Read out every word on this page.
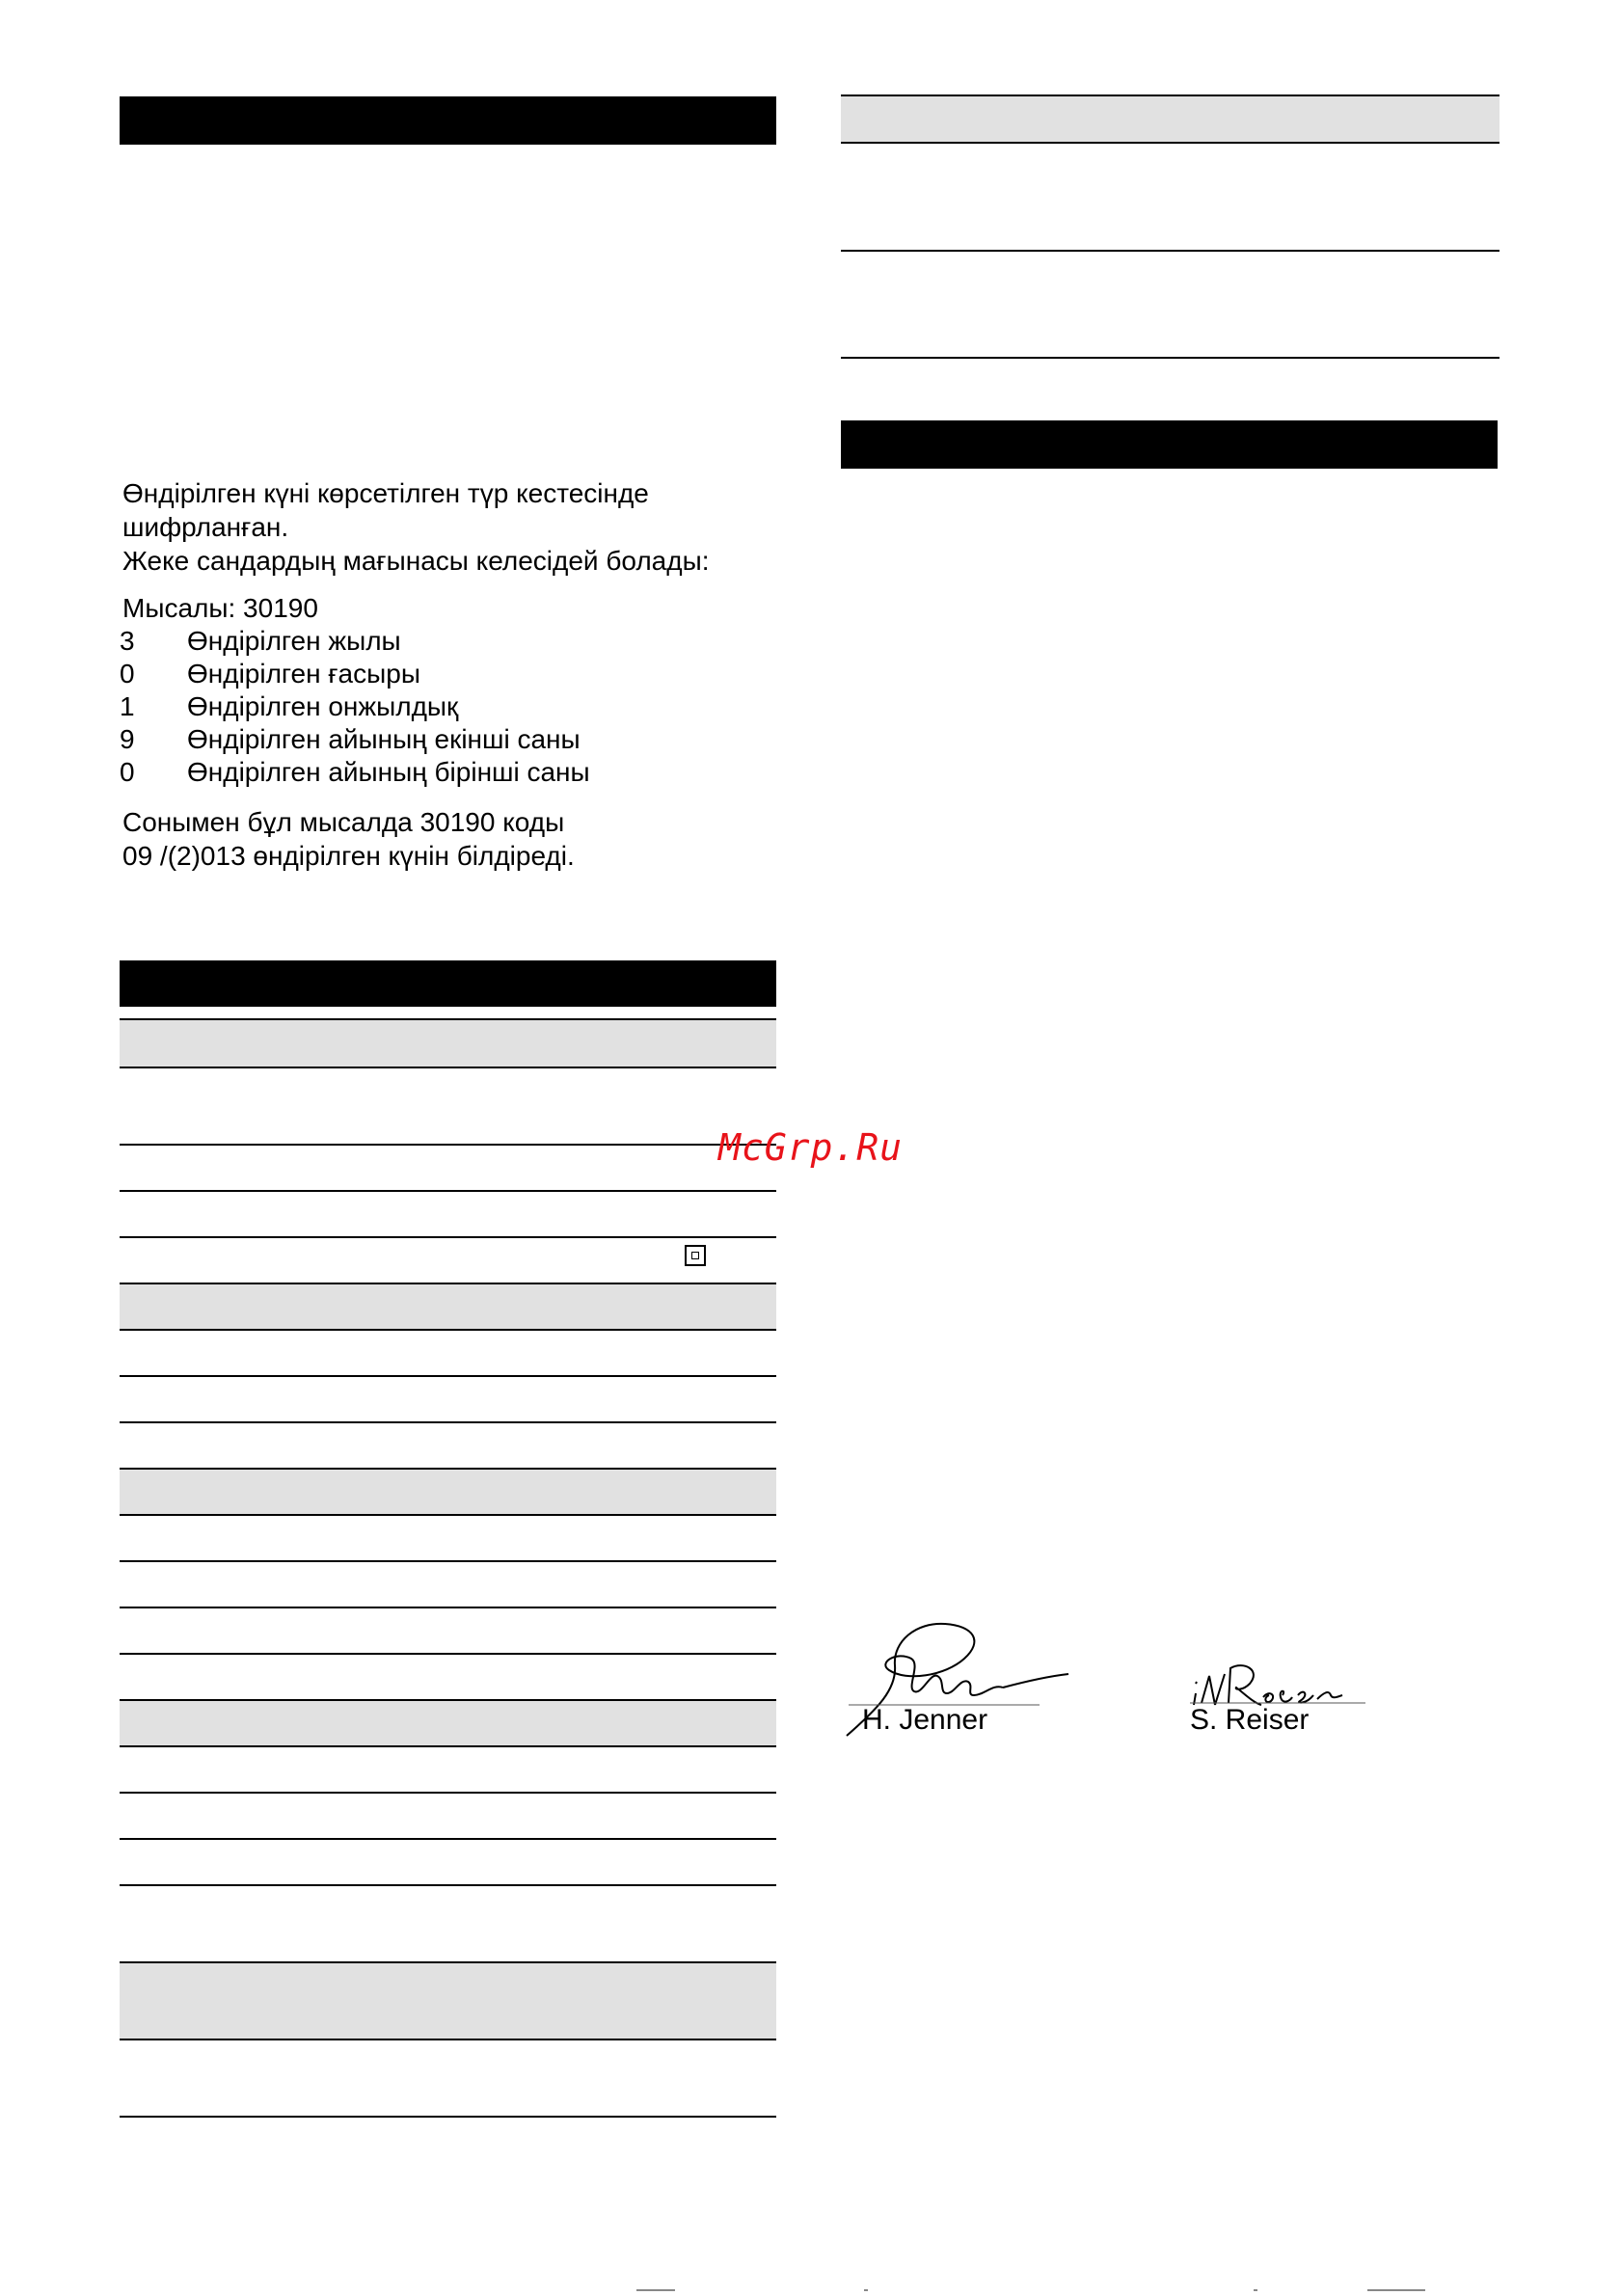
Өндірілген күні көрсетілген түр кестесінде
шифрланған.
Жеке сандардың мағынасы келесідей болады:
Мысалы: 30190
3 Өндірілген жылы
0 Өндірілген ғасыры
1 Өндірілген онжылдық
9 Өндірілген айының екінші саны
0 Өндірілген айының бірінші саны
Сонымен бұл мысалда 30190 коды
09 /(2)013 өндірілген күнін білдіреді.
McGrp.Ru
H. Jenner	S. Reiser
